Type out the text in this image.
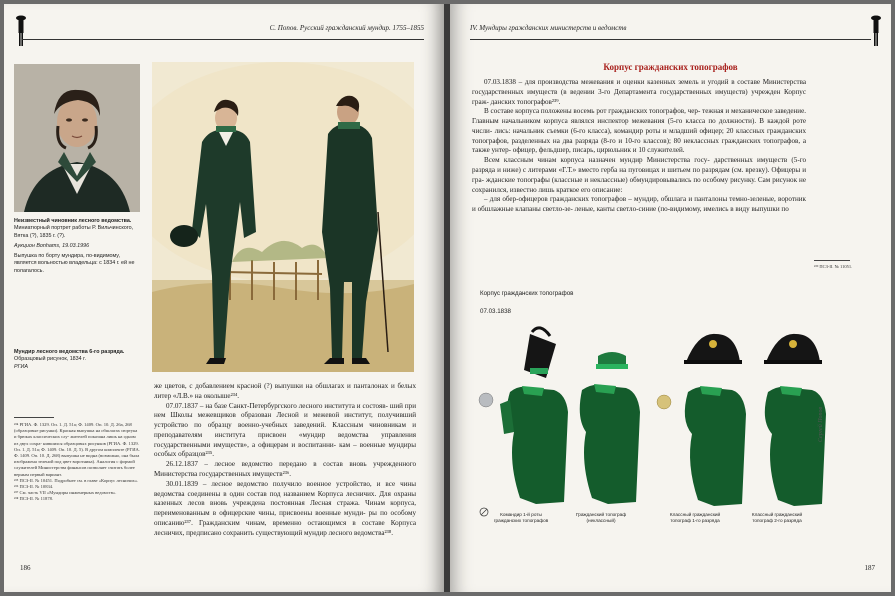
С. Попов. Русский гражданский мундир. 1755–1855
Неизвестный чиновник лесного ведомства.
Миниатюрный портрет работы Р. Вильчинского,
Вятка (?), 1835 г. (?).
Аукцион Bonhams, 19.03.1996
Выпушка по борту мундира, по-видимому,
является вольностью владельца: с 1834 г. ей не
полагалось.
Мундир лесного ведомства 6-го разряда.
Образцовый рисунок, 1834 г.
РГИА
²³⁴ РГИА. Ф. 1329. Оп. 1. Д. 51а; Ф. 1409. Оп. 10. Д. 26а, 268 (образцовые рисунки). Красная выпушка на обшлагах сюртука и брюках классических слу- жителей показана лишь на одном из двух сохра- нившихся образцовых рисунков (РГИА. Ф. 1329. Оп. 1. Д. 51а; Ф. 1409. Оп. 10. Д. 5). В другом комплекте (РГИА. Ф. 1409. Оп. 10. Д. 268) выпушка не видна (возможно, она была изображена зеленой под цвет воротника). Аналогия с формой служителей Министерства финансов позволяет считать более верным первый вариант.
²³⁵ ПСЗ-II. № 10451. Подробнее см. в главе «Корпус лесничих».
²³⁶ ПСЗ-II. № 10834.
²³⁷ См. часть VII «Мундиры инженерных ведомств».
²³⁸ ПСЗ-II. № 11878.

же цветов, с добавлением красной (?) выпушки на обшлагах и панталонах и белых литер «Л.В.» на околыше²³⁴.

07.07.1837 – на базе Санкт-Петербургского лесного института и состояв- ший при нем Школы межевщиков образован Лесной и межевой институт, получивший устройство по образцу военно-учебных заведений. Классным чиновникам и преподавателям института присвоен «мундир ведомства управления государственными имуществ», а офицерам и воспитанни- кам – военные мундиры особых образцов²³⁵.

26.12.1837 – лесное ведомство передано в состав вновь учрежденного Министерства государственных имуществ²³⁶.

30.01.1839 – лесное ведомство получило военное устройство, и все чины ведомства соединены в один состав под названием Корпуса лесничих. Для охраны казенных лесов вновь учреждена постоянная Лесная стража. Чинам корпуса, переименованным в офицерские чины, присвоены военные мунди- ры по особому описанию²³⁷. Гражданским чинам, временно остающимся в составе Корпуса лесничих, предписано сохранить существующий мундир лесного ведомства²³⁸.

186
IV. Мундиры гражданских министерств и ведомств
Корпус гражданских топографов

07.03.1838 – для производства межевания и оценки казенных земель и угодий в составе Министерства государственных имуществ (в ведении 3-го Департамента государственных имуществ) учрежден Корпус граж- данских топографов²³⁹.

В составе корпуса положены восемь рот гражданских топографов, чер- тежная и механическое заведение. Главным начальником корпуса являлся инспектор межевания (5-го класса по должности). В каждой роте числи- лись: начальник съемки (6-го класса), командир роты и младший офицер; 20 классных гражданских топографов, разделенных на два разряда (8-го и 10-го классов); 80 неклассных гражданских топографов, а также унтер- офицер, фельдшер, писарь, цирюльник и 10 служителей.

Всем классным чинам корпуса назначен мундир Министерства госу- дарственных имуществ (5-го разряда и ниже) с литерами «Г.Т.» вместо герба на пуговицах и шитьем по разрядам (см. врезку). Офицеры и гра- жданские топографы (классные и неклассные) обмундировывались по особому рисунку. Сам рисунок не сохранился, известно лишь краткое его описание:

– для обер-офицеров гражданских топографов – мундир, обшлага и панталоны темно-зеленые, воротник и обшлажные клапаны светло-зе- леные, канты светло-синие (по-видимому, имелись в виду выпушки по

²³⁹ ПСЗ-II. № 11051.
Корпус гражданских топографов
07.03.1838
Командир 1-й роты гражданских топографов
Гражданский топограф (неклассный)
Классный гражданский топограф 1-го разряда
Классный гражданский топограф 2-го разряда
Сергей Попов
187
